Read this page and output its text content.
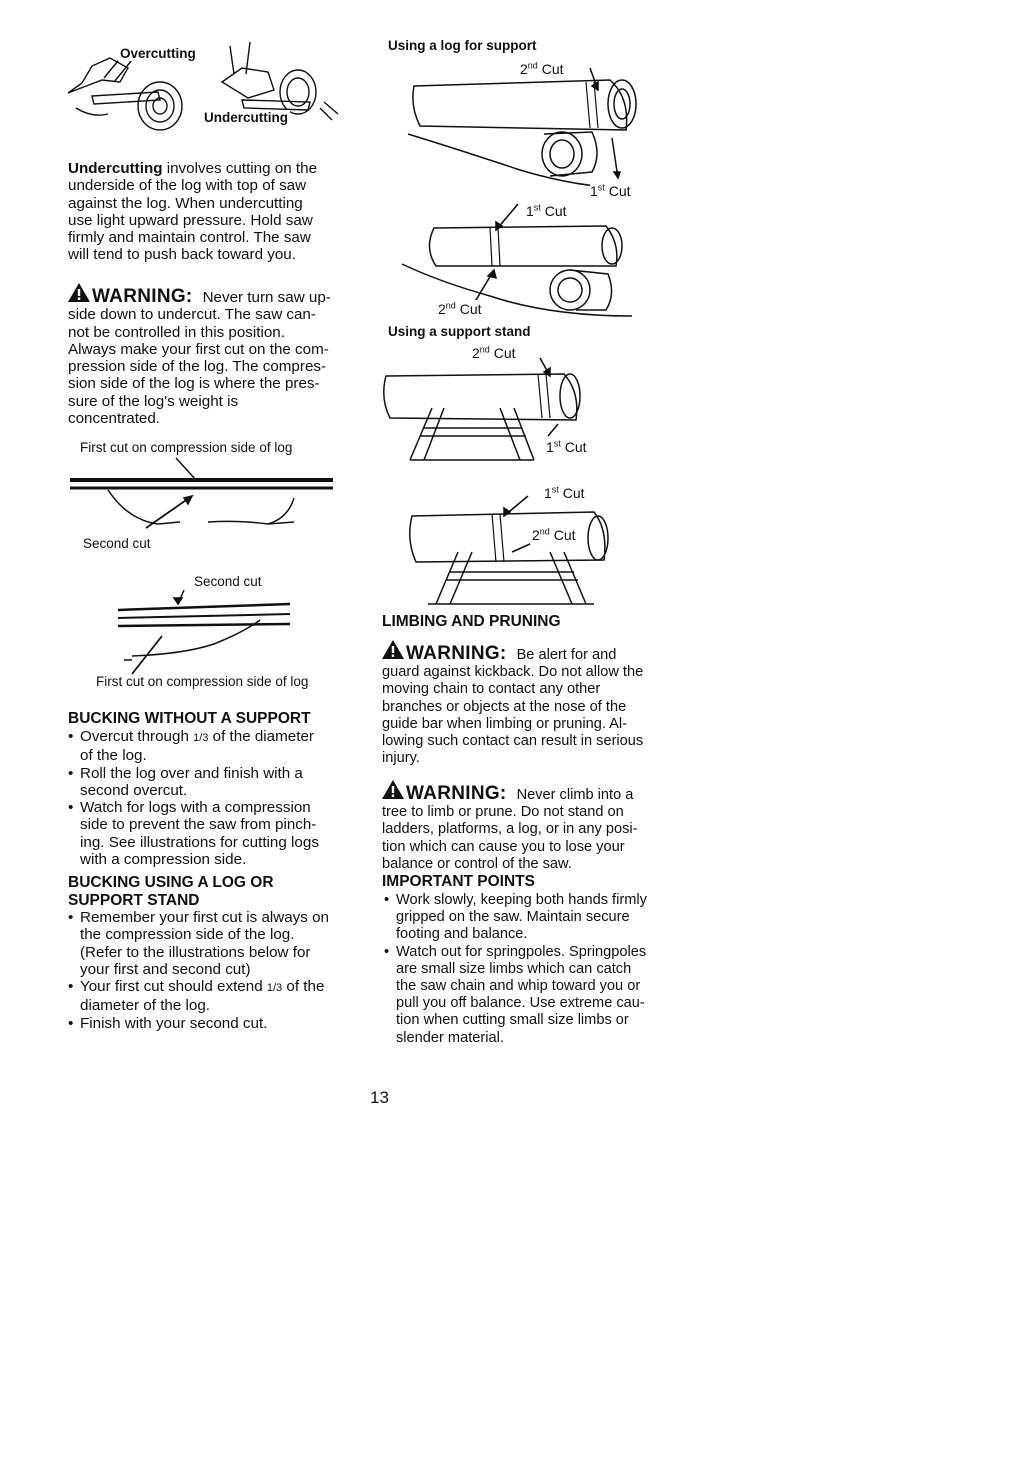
Overcutting
Undercutting

Undercutting involves cutting on the

underside of the log with top of saw

against the log. When undercutting

use light upward pressure. Hold saw

firmly and maintain control. The saw

will tend to push back toward you.

WARNING: Never turn saw up-

side down to undercut. The saw can-

not be controlled in this position.

Always make your first cut on the com-

pression side of the log. The compres-

sion side of the log is where the pres-

sure of the log's weight is

concentrated.

First cut on compression side of log
Second cut
Second cut
First cut on compression side of log
BUCKING WITHOUT A SUPPORT
• Overcut through 1/3 of the diameter
of the log.
• Roll the log over and finish with a
second overcut.
• Watch for logs with a compression
side to prevent the saw from pinch-
ing. See illustrations for cutting logs
with a compression side.
BUCKING USING A LOG OR
SUPPORT STAND
• Remember your first cut is always on
the compression side of the log.
(Refer to the illustrations below for
your first and second cut)
• Your first cut should extend 1/3 of the
diameter of the log.
• Finish with your second cut.
Using a log for support
2nd Cut
1st Cut
1st Cut
2nd Cut
Using a support stand
2nd Cut
1st Cut
1st Cut
2nd Cut
LIMBING AND PRUNING
WARNING: Be alert for and
guard against kickback. Do not allow the
moving chain to contact any other
branches or objects at the nose of the
guide bar when limbing or pruning. Al-
lowing such contact can result in serious
injury.
WARNING: Never climb into a
tree to limb or prune. Do not stand on
ladders, platforms, a log, or in any posi-
tion which can cause you to lose your
balance or control of the saw.
IMPORTANT POINTS
• Work slowly, keeping both hands firmly
gripped on the saw. Maintain secure
footing and balance.
• Watch out for springpoles. Springpoles
are small size limbs which can catch
the saw chain and whip toward you or
pull you off balance. Use extreme cau-
tion when cutting small size limbs or
slender material.
13
